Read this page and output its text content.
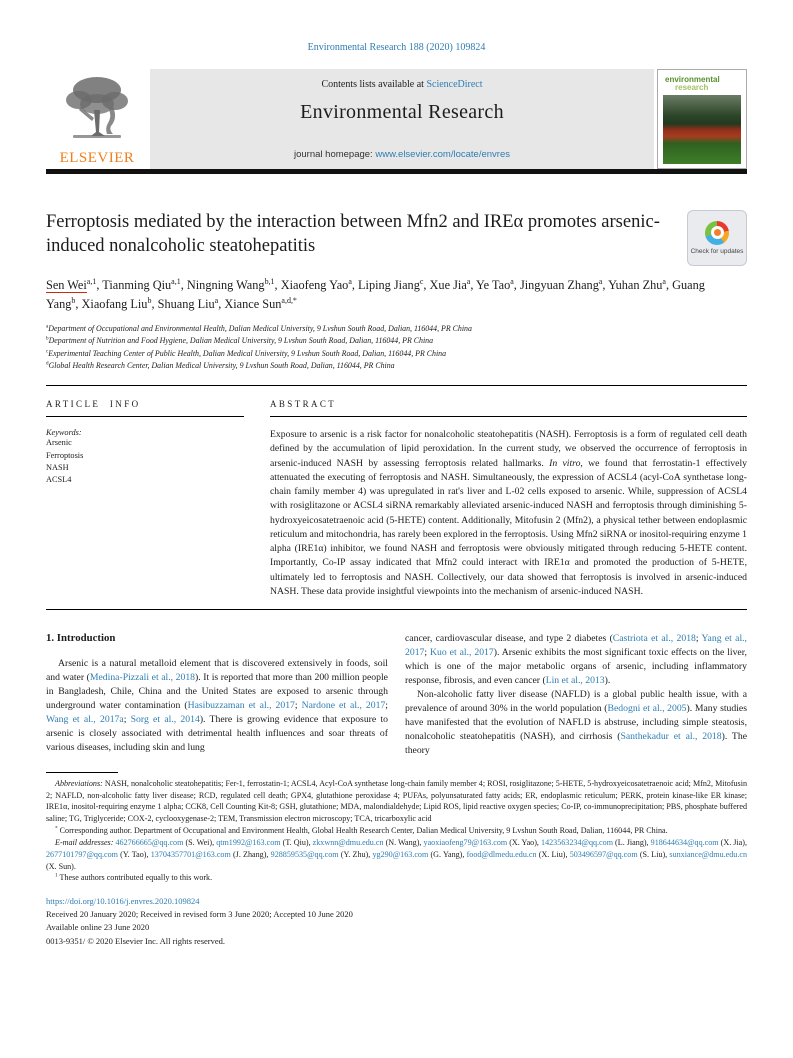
Environmental Research 188 (2020) 109824
ELSEVIER
Contents lists available at ScienceDirect
Environmental Research
journal homepage: www.elsevier.com/locate/envres
environmental
research
Ferroptosis mediated by the interaction between Mfn2 and IREα promotes arsenic-induced nonalcoholic steatohepatitis	Check for updates
Sen Wei$^{a,1}$, Tianming Qiu$^{a,1}$, Ningning Wang$^{b,1}$, Xiaofeng Yao$^a$, Liping Jiang$^c$, Xue Jia$^a$, Ye Tao$^a$, Jingyuan Zhang$^a$, Yuhan Zhu$^a$, Guang Yang$^b$, Xiaofang Liu$^b$, Shuang Liu$^a$, Xiance Sun$^{a,d,*}$
$^a$Department of Occupational and Environmental Health, Dalian Medical University, 9 Lvshun South Road, Dalian, 116044, PR China
$^b$Department of Nutrition and Food Hygiene, Dalian Medical University, 9 Lvshun South Road, Dalian, 116044, PR China
$^c$Experimental Teaching Center of Public Health, Dalian Medical University, 9 Lvshun South Road, Dalian, 116044, PR China
$^d$Global Health Research Center, Dalian Medical University, 9 Lvshun South Road, Dalian, 116044, PR China
ARTICLE INFO
Keywords:
Arsenic
Ferroptosis
NASH
ACSL4
ABSTRACT
Exposure to arsenic is a risk factor for nonalcoholic steatohepatitis (NASH). Ferroptosis is a form of regulated cell death defined by the accumulation of lipid peroxidation. In the current study, we observed the occurrence of ferroptosis in arsenic-induced NASH by assessing ferroptosis related hallmarks. In vitro, we found that ferrostatin-1 effectively attenuated the executing of ferroptosis and NASH. Simultaneously, the expression of ACSL4 (acyl-CoA synthetase long-chain family member 4) was upregulated in rat's liver and L-02 cells exposed to arsenic. While, suppression of ACSL4 with rosiglitazone or ACSL4 siRNA remarkably alleviated arsenic-induced NASH and ferroptosis through diminishing 5-hydroxyeicosatetraenoic acid (5-HETE) content. Additionally, Mitofusin 2 (Mfn2), a physical tether between endoplasmic reticulum and mitochondria, has rarely been explored in the ferroptosis. Using Mfn2 siRNA or inositol-requiring enzyme 1 alpha (IRE1α) inhibitor, we found NASH and ferroptosis were obviously mitigated through reducing 5-HETE content. Importantly, Co-IP assay indicated that Mfn2 could interact with IRE1α and promoted the production of 5-HETE, ultimately led to ferroptosis and NASH. Collectively, our data showed that ferroptosis is involved in arsenic-induced NASH. These data provide insightful viewpoints into the mechanism of arsenic-induced NASH.
1. Introduction

Arsenic is a natural metalloid element that is discovered extensively in foods, soil and water (Medina-Pizzali et al., 2018). It is reported that more than 200 million people in Bangladesh, Chile, China and the United States are exposed to arsenic through underground water contamination (Hasibuzzaman et al., 2017; Nardone et al., 2017; Wang et al., 2017a; Sorg et al., 2014). There is growing evidence that exposure to arsenic is closely associated with detrimental health influences and soar threats of various diseases, including skin and lung

cancer, cardiovascular disease, and type 2 diabetes (Castriota et al., 2018; Yang et al., 2017; Kuo et al., 2017). Arsenic exhibits the most significant toxic effects on the liver, which is one of the major metabolic organs of arsenic, including inflammatory response, fibrosis, and even cancer (Lin et al., 2013).

Non-alcoholic fatty liver disease (NAFLD) is a global public health issue, with a prevalence of around 30% in the world population (Bedogni et al., 2005). Many studies have manifested that the evolution of NAFLD is abstruse, including simple steatosis, nonalcoholic steatohepatitis (NASH), and cirrhosis (Santhekadur et al., 2018). The theory

Abbreviations: NASH, nonalcoholic steatohepatitis; Fer-1, ferrostatin-1; ACSL4, Acyl-CoA synthetase long-chain family member 4; ROSI, rosiglitazone; 5-HETE, 5-hydroxyeicosatetraenoic acid; Mfn2, Mitofusin 2; NAFLD, non-alcoholic fatty liver disease; RCD, regulated cell death; GPX4, glutathione peroxidase 4; PUFAs, polyunsaturated fatty acids; ER, endoplasmic reticulum; PERK, protein kinase-like ER kinase; IRE1α, inositol-requiring enzyme 1 alpha; CCK8, Cell Counting Kit-8; GSH, glutathione; MDA, malondialdehyde; Lipid ROS, lipid reactive oxygen species; Co-IP, co-immunoprecipitation; PBS, phosphate buffered saline; TG, Triglyceride; COX-2, cyclooxygenase-2; TEM, Transmission electron microscopy; TCA, tricarboxylic acid
* Corresponding author. Department of Occupational and Environment Health, Global Health Research Center, Dalian Medical University, 9 Lvshun South Road, Dalian, 116044, PR China.
E-mail addresses: 462766665@qq.com (S. Wei), qtm1992@163.com (T. Qiu), zkxwnn@dmu.edu.cn (N. Wang), yaoxiaofeng79@163.com (X. Yao), 1423563234@qq.com (L. Jiang), 918644634@qq.com (X. Jia), 2677101797@qq.com (Y. Tao), 13704357701@163.com (J. Zhang), 928859535@qq.com (Y. Zhu), yg290@163.com (G. Yang), food@dlmedu.edu.cn (X. Liu), 503496597@qq.com (S. Liu), sunxiance@dmu.edu.cn (X. Sun).
$^1$ These authors contributed equally to this work.
https://doi.org/10.1016/j.envres.2020.109824
Received 20 January 2020; Received in revised form 3 June 2020; Accepted 10 June 2020
Available online 23 June 2020
0013-9351/ © 2020 Elsevier Inc. All rights reserved.
